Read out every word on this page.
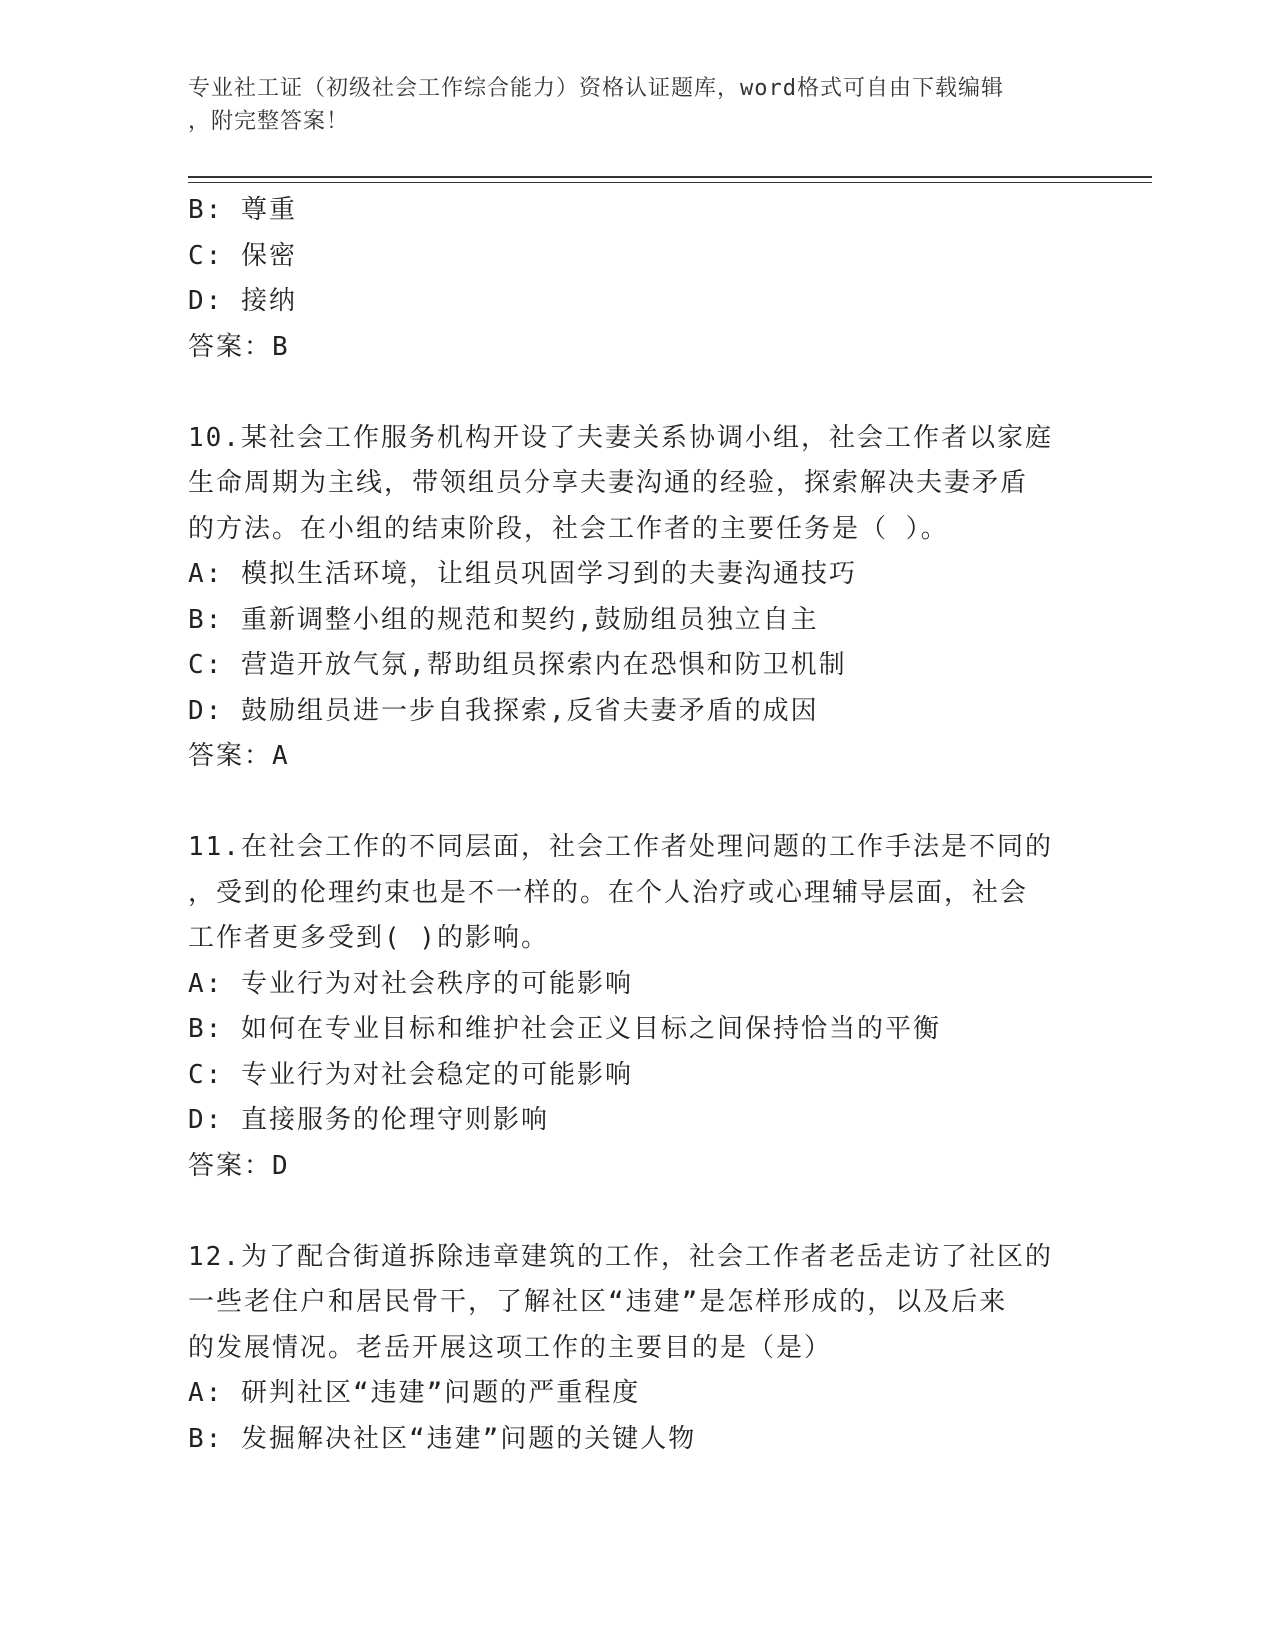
专业社工证（初级社会工作综合能力）资格认证题库，word格式可自由下载编辑
，附完整答案！
B: 尊重
C: 保密
D: 接纳
答案：B
10.某社会工作服务机构开设了夫妻关系协调小组，社会工作者以家庭
生命周期为主线，带领组员分享夫妻沟通的经验，探索解决夫妻矛盾
的方法。在小组的结束阶段，社会工作者的主要任务是（ ）。
A: 模拟生活环境，让组员巩固学习到的夫妻沟通技巧
B: 重新调整小组的规范和契约,鼓励组员独立自主
C: 营造开放气氛,帮助组员探索内在恐惧和防卫机制
D: 鼓励组员进一步自我探索,反省夫妻矛盾的成因
答案：A
11.在社会工作的不同层面，社会工作者处理问题的工作手法是不同的
，受到的伦理约束也是不一样的。在个人治疗或心理辅导层面，社会
工作者更多受到( )的影响。
A: 专业行为对社会秩序的可能影响
B: 如何在专业目标和维护社会正义目标之间保持恰当的平衡
C: 专业行为对社会稳定的可能影响
D: 直接服务的伦理守则影响
答案：D
12.为了配合街道拆除违章建筑的工作，社会工作者老岳走访了社区的
一些老住户和居民骨干，了解社区“违建”是怎样形成的，以及后来
的发展情况。老岳开展这项工作的主要目的是（是）
A: 研判社区“违建”问题的严重程度
B: 发掘解决社区“违建”问题的关键人物
